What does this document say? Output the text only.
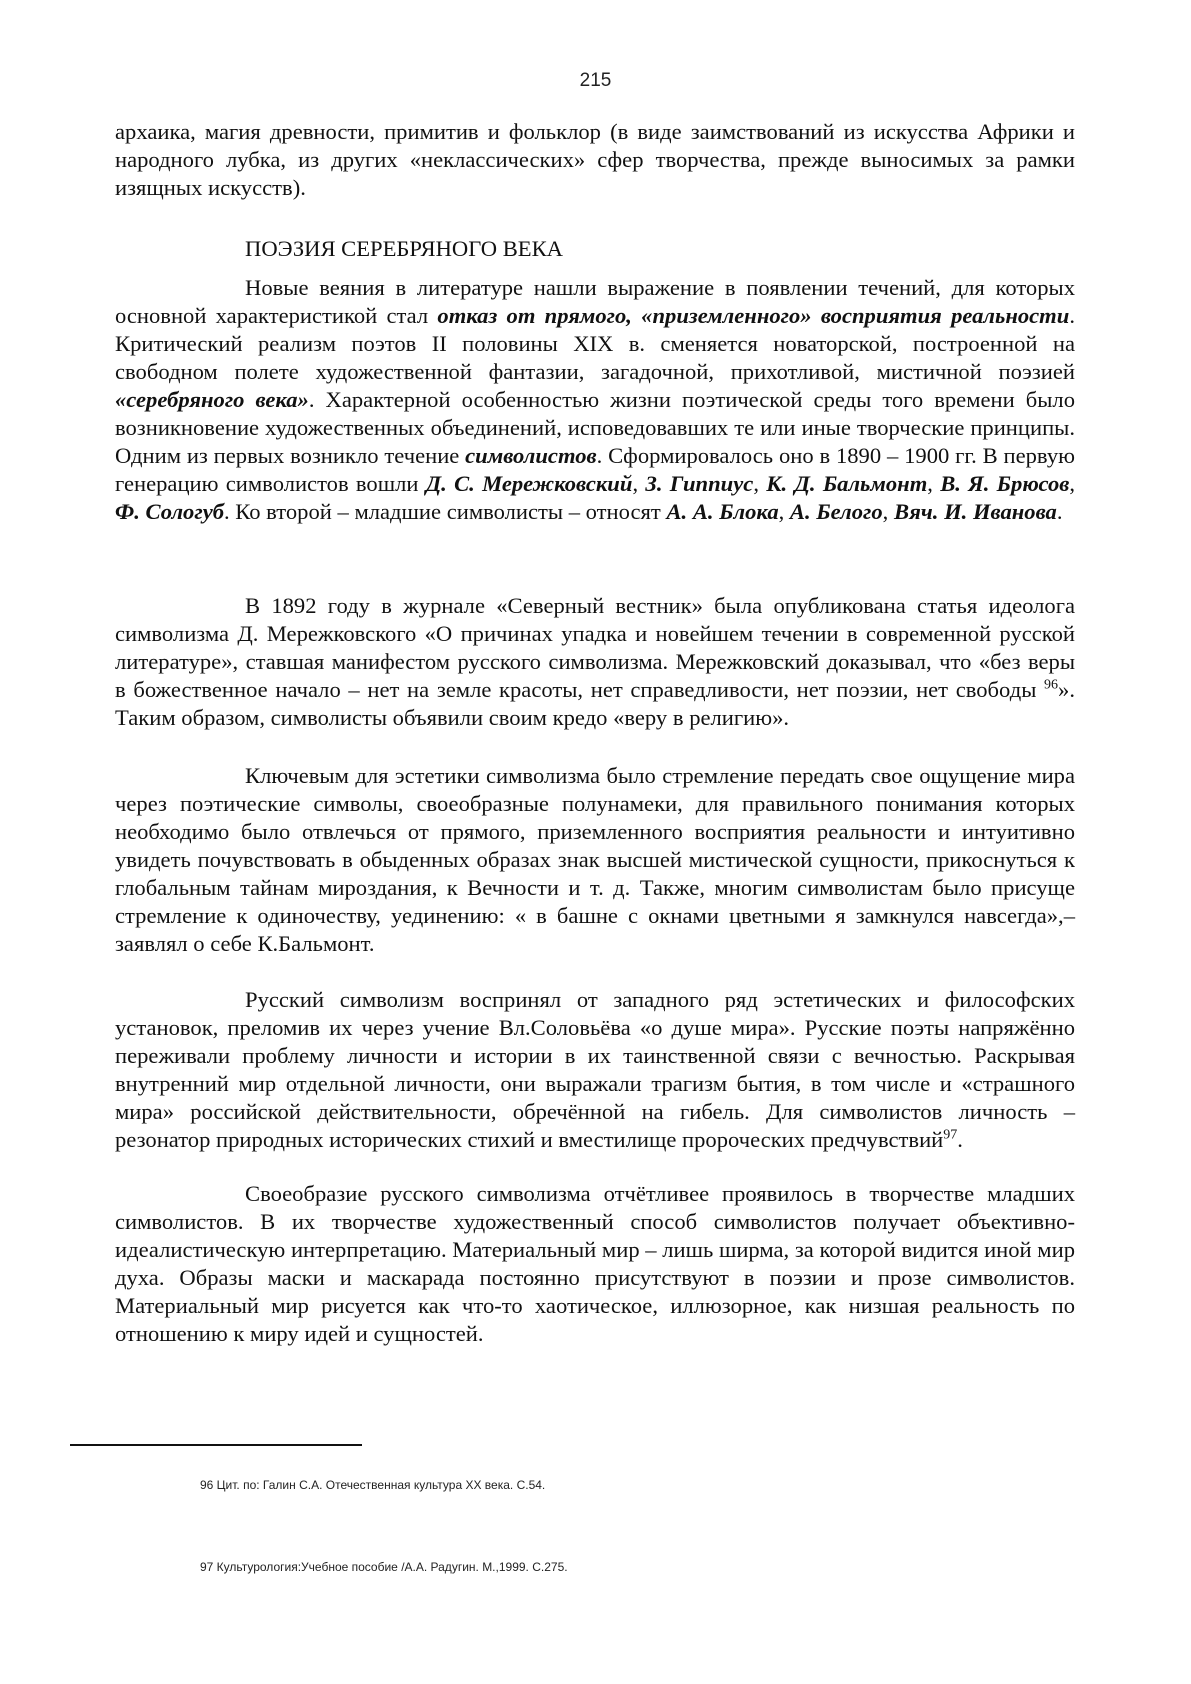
215

архаика, магия древности, примитив и фольклор (в виде заимствований из искусства Африки и народного лубка, из других «неклассических» сфер творчества, прежде выносимых за рамки изящных искусств).

ПОЭЗИЯ СЕРЕБРЯНОГО ВЕКА

Новые веяния в литературе нашли выражение в появлении течений, для которых основной характеристикой стал отказ от прямого, «приземленного» восприятия реальности. Критический реализм поэтов II половины XIX в. сменяется новаторской, построенной на свободном полете художественной фантазии, загадочной, прихотливой, мистичной поэзией «серебряного века». Характерной особенностью жизни поэтической среды того времени было возникновение художественных объединений, исповедовавших те или иные творческие принципы. Одним из первых возникло течение символистов. Сформировалось оно в 1890 – 1900 гг. В первую генерацию символистов вошли Д. С. Мережковский, З. Гиппиус, К. Д. Бальмонт, В. Я. Брюсов, Ф. Сологуб. Ко второй – младшие символисты – относят А. А. Блока, А. Белого, Вяч. И. Иванова.

В 1892 году в журнале «Северный вестник» была опубликована статья идеолога символизма Д. Мережковского «О причинах упадка и новейшем течении в современной русской литературе», ставшая манифестом русского символизма. Мережковский доказывал, что «без веры в божественное начало – нет на земле красоты, нет справедливости, нет поэзии, нет свободы $^{96}$». Таким образом, символисты объявили своим кредо «веру в религию».

Ключевым для эстетики символизма было стремление передать свое ощущение мира через поэтические символы, своеобразные полунамеки, для правильного понимания которых необходимо было отвлечься от прямого, приземленного восприятия реальности и интуитивно увидеть почувствовать в обыденных образах знак высшей мистической сущности, прикоснуться к глобальным тайнам мироздания, к Вечности и т. д. Также, многим символистам было присуще стремление к одиночеству, уединению: « в башне с окнами цветными я замкнулся навсегда»,– заявлял о себе К.Бальмонт.

Русский символизм воспринял от западного ряд эстетических и философских установок, преломив их через учение Вл.Соловьёва «о душе мира». Русские поэты напряжённо переживали проблему личности и истории в их таинственной связи с вечностью. Раскрывая внутренний мир отдельной личности, они выражали трагизм бытия, в том числе и «страшного мира» российской действительности, обречённой на гибель. Для символистов личность – резонатор природных исторических стихий и вместилище пророческих предчувствий$^{97}$.

Своеобразие русского символизма отчётливее проявилось в творчестве младших символистов. В их творчестве художественный способ символистов получает объективно-идеалистическую интерпретацию. Материальный мир – лишь ширма, за которой видится иной мир духа. Образы маски и маскарада постоянно присутствуют в поэзии и прозе символистов. Материальный мир рисуется как что-то хаотическое, иллюзорное, как низшая реальность по отношению к миру идей и сущностей.

96 Цит. по: Галин С.А. Отечественная культура XX века. С.54.
97 Культурология:Учебное пособие /А.А. Радугин. М.,1999. С.275.
